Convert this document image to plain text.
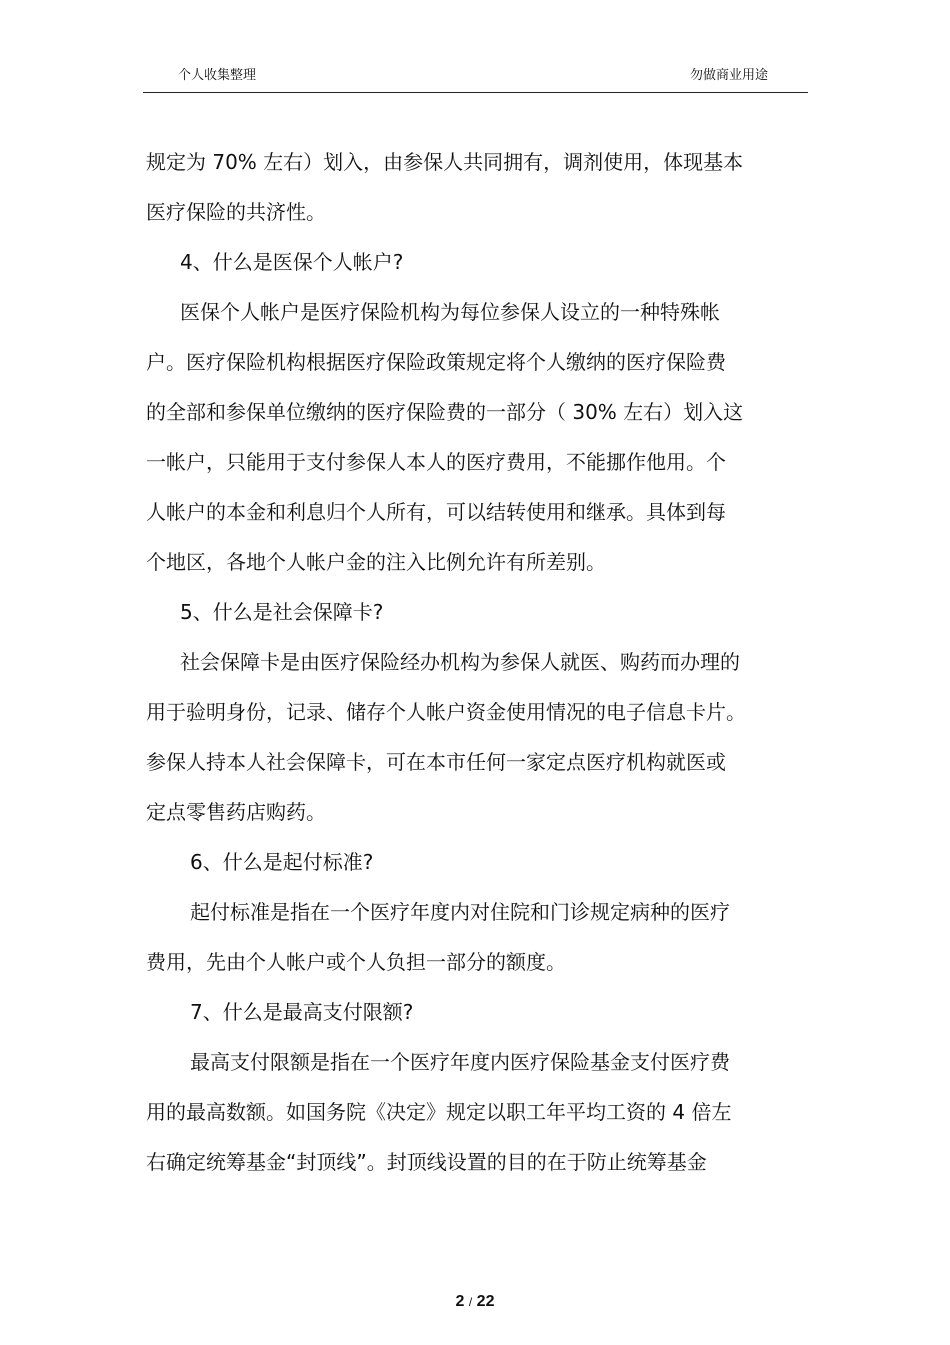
个人收集整理	勿做商业用途
规定为 70% 左右）划入，由参保人共同拥有，调剂使用，体现基本
医疗保险的共济性。
4、什么是医保个人帐户?
医保个人帐户是医疗保险机构为每位参保人设立的一种特殊帐
户。医疗保险机构根据医疗保险政策规定将个人缴纳的医疗保险费
的全部和参保单位缴纳的医疗保险费的一部分（ 30% 左右）划入这
一帐户，只能用于支付参保人本人的医疗费用，不能挪作他用。个
人帐户的本金和利息归个人所有，可以结转使用和继承。具体到每
个地区，各地个人帐户金的注入比例允许有所差别。
5、什么是社会保障卡?
社会保障卡是由医疗保险经办机构为参保人就医、购药而办理的
用于验明身份，记录、储存个人帐户资金使用情况的电子信息卡片。
参保人持本人社会保障卡，可在本市任何一家定点医疗机构就医或
定点零售药店购药。
6、什么是起付标准?
起付标准是指在一个医疗年度内对住院和门诊规定病种的医疗
费用，先由个人帐户或个人负担一部分的额度。
7、什么是最高支付限额?
最高支付限额是指在一个医疗年度内医疗保险基金支付医疗费
用的最高数额。如国务院《决定》规定以职工年平均工资的 4 倍左
右确定统筹基金“封顶线”。封顶线设置的目的在于防止统筹基金
2 / 22
